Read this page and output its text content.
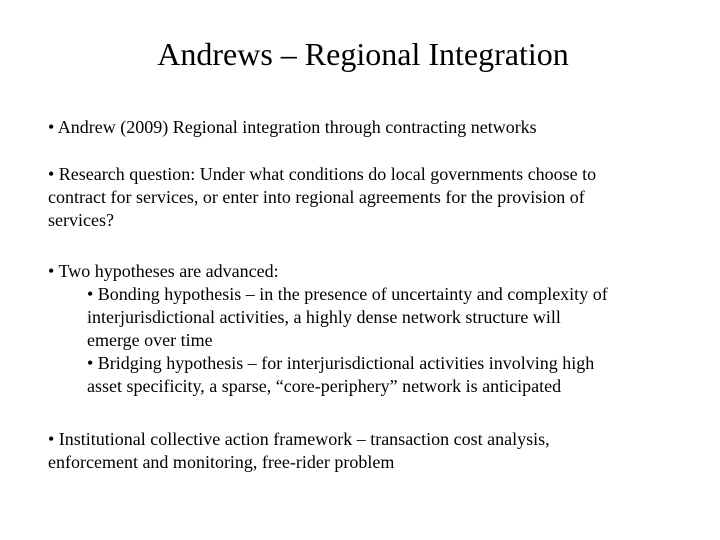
Andrews – Regional Integration
• Andrew (2009) Regional integration through contracting networks
• Research question: Under what conditions do local governments choose to
contract for services, or enter into regional agreements for the provision of
services?
• Two hypotheses are advanced:
• Bonding hypothesis – in the presence of uncertainty and complexity of
interjurisdictional activities, a highly dense network structure will
emerge over time
• Bridging hypothesis – for interjurisdictional activities involving high
asset specificity, a sparse, “core-periphery” network is anticipated
• Institutional collective action framework – transaction cost analysis,
enforcement and monitoring, free-rider problem
